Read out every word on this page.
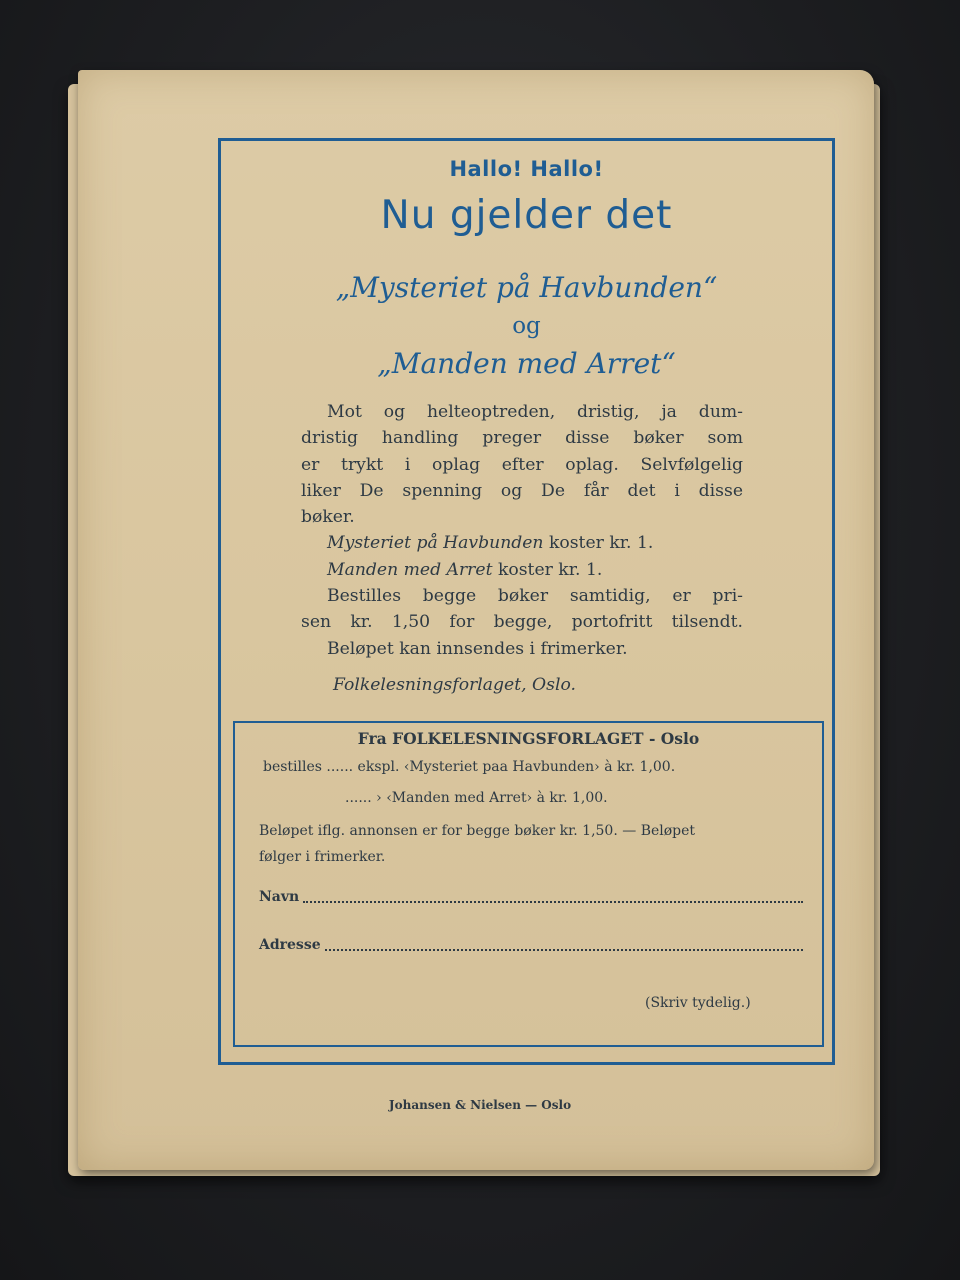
Hallo! Hallo!
Nu gjelder det
„Mysteriet på Havbunden“
og
„Manden med Arret“

Mot og helteoptreden, dristig, ja dum-

dristig handling preger disse bøker som

er trykt i oplag efter oplag. Selvfølgelig

liker De spenning og De får det i disse

bøker.

Mysteriet på Havbunden koster kr. 1.

Manden med Arret koster kr. 1.

Bestilles begge bøker samtidig, er pri-

sen kr. 1,50 for begge, portofritt tilsendt.

Beløpet kan innsendes i frimerker.

Folkelesningsforlaget, Oslo.

Fra FOLKELESNINGSFORLAGET - Oslo
bestilles ...... ekspl. ‹Mysteriet paa Havbunden› à kr. 1,00.
...... › ‹Manden med Arret› à kr. 1,00.
Beløpet iflg. annonsen er for begge bøker kr. 1,50. — Beløpet
følger i frimerker.
Navn
Adresse
(Skriv tydelig.)
Johansen & Nielsen — Oslo
